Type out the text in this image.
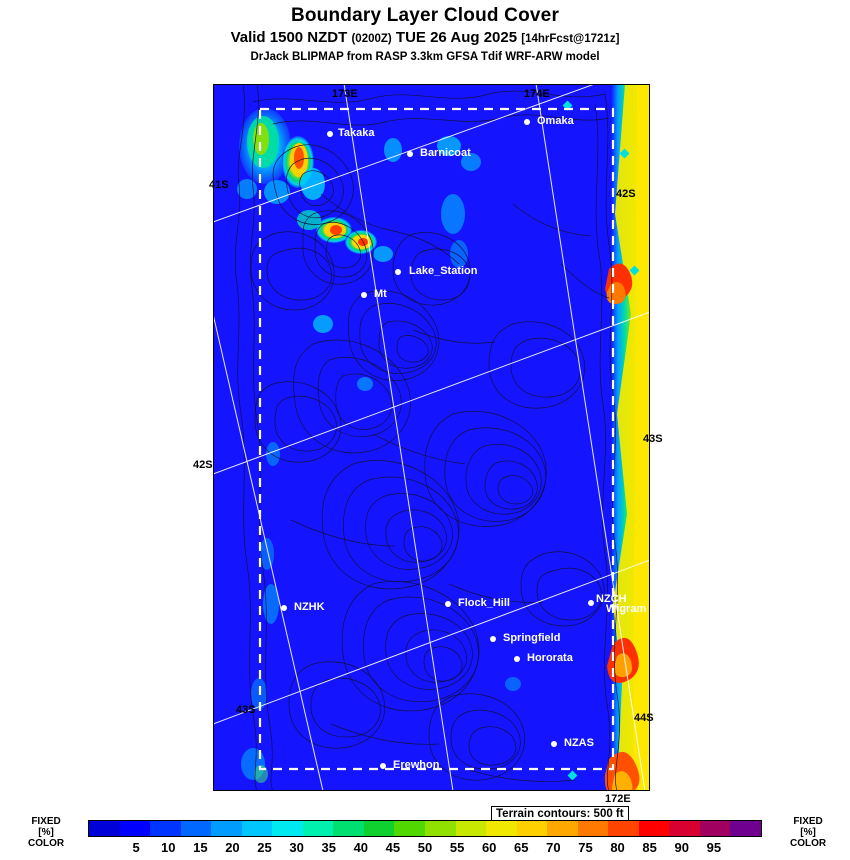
Boundary Layer Cloud Cover
Valid 1500 NZDT (0200Z) TUE 26 Aug 2025 [14hrFcst@1721z]
DrJack BLIPMAP from RASP 3.3km GFSA Tdif WRF-ARW model
41S
42S
43S
42S
43S
44S
173E	174E
172E
Takaka
Omaka
Barnicoat
Lake_Station
Mt
NZHK	Flock_Hill	NZCH
Wigram
Springfield
Hororata
NZAS
Erewhon
Terrain contours: 500 ft
FIXED
[%]
COLOR
FIXED
[%]
COLOR
5 10 15 20 25 30 35 40 45 50 55 60 65 70 75 80 85 90 95
